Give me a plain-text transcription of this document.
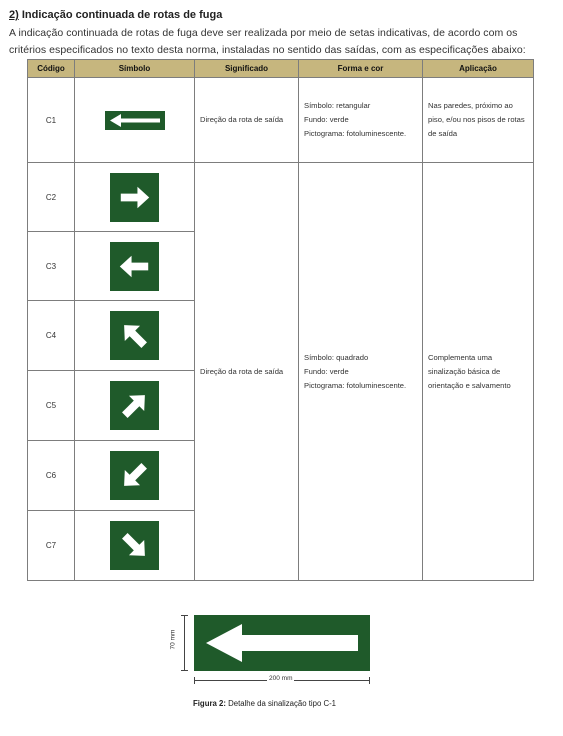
2) Indicação continuada de rotas de fuga
A indicação continuada de rotas de fuga deve ser realizada por meio de setas indicativas, de acordo com os critérios especificados no texto desta norma, instaladas no sentido das saídas, com as especificações abaixo:
Código	Símbolo	Significado	Forma e cor	Aplicação
C1		Direção da rota de saída	Símbolo: retangular
Fundo: verde
Pictograma: fotoluminescente.	Nas paredes, próximo ao piso, e/ou nos pisos de rotas de saída
C2		Direção da rota de saída	Símbolo: quadrado
Fundo: verde
Pictograma: fotoluminescente.	Complementa uma sinalização básica de orientação e salvamento
C3	

C4	

C5	

C6	

C7	
70 mm
200 mm
Figura 2: Detalhe da sinalização tipo C-1
